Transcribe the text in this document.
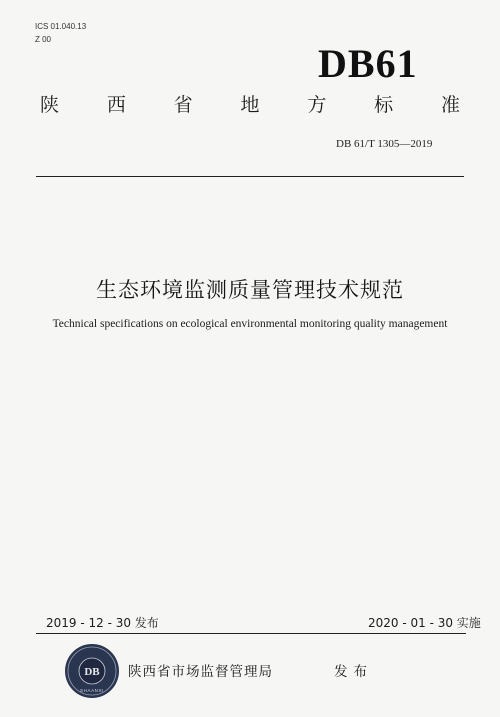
ICS 01.040.13
Z 00
DB61
陕	西	省	地	方	标	准
DB 61/T 1305—2019
生态环境监测质量管理技术规范
Technical specifications on ecological environmental monitoring quality management
2019 - 12 - 30 发布	2020 - 01 - 30 实施
DB
SHAANXI
陕西省市场监督管理局	发布
